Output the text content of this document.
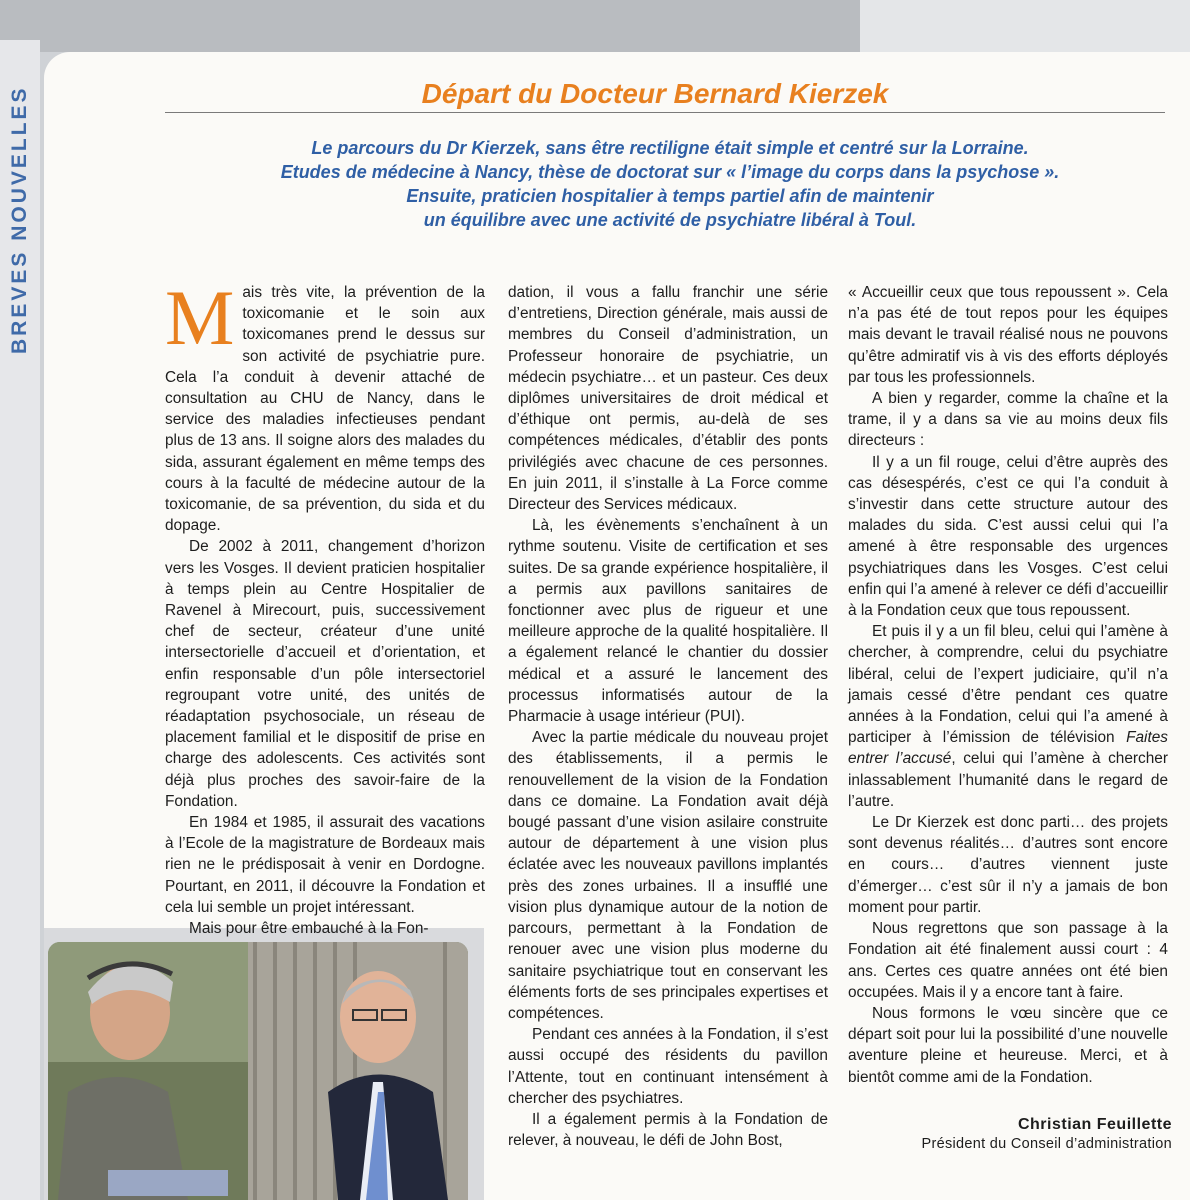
BREVES NOUVELLES	Départ du Docteur Bernard Kierzek
Le parcours du Dr Kierzek, sans être rectiligne était simple et centré sur la Lorraine.
Etudes de médecine à Nancy, thèse de doctorat sur « l’image du corps dans la psychose ».
Ensuite, praticien hospitalier à temps partiel afin de maintenir
un équilibre avec une activité de psychiatre libéral à Toul.

Mais très vite, la prévention de la toxicomanie et le soin aux toxicomanes prend le dessus sur son activité de psychiatrie pure. Cela l’a conduit à devenir attaché de consultation au CHU de Nancy, dans le service des maladies infectieuses pendant plus de 13 ans. Il soigne alors des malades du sida, assurant également en même temps des cours à la faculté de médecine autour de la toxicomanie, de sa prévention, du sida et du dopage.

De 2002 à 2011, changement d’horizon vers les Vosges. Il devient praticien hospitalier à temps plein au Centre Hospitalier de Ravenel à Mirecourt, puis, successivement chef de secteur, créateur d’une unité intersectorielle d’accueil et d’orientation, et enfin responsable d’un pôle intersectoriel regroupant votre unité, des unités de réadaptation psychosociale, un réseau de placement familial et le dispositif de prise en charge des adolescents. Ces activités sont déjà plus proches des savoir-faire de la Fondation.

En 1984 et 1985, il assurait des vacations à l’Ecole de la magistrature de Bordeaux mais rien ne le prédisposait à venir en Dordogne. Pourtant, en 2011, il découvre la Fondation et cela lui semble un projet intéressant.

Mais pour être embauché à la Fon-

dation, il vous a fallu franchir une série d’entretiens, Direction générale, mais aussi de membres du Conseil d’administration, un Professeur honoraire de psychiatrie, un médecin psychiatre… et un pasteur. Ces deux diplômes universitaires de droit médical et d’éthique ont permis, au-delà de ses compétences médicales, d’établir des ponts privilégiés avec chacune de ces personnes. En juin 2011, il s’installe à La Force comme Directeur des Services médicaux.

Là, les évènements s’enchaînent à un rythme soutenu. Visite de certification et ses suites. De sa grande expérience hospitalière, il a permis aux pavillons sanitaires de fonctionner avec plus de rigueur et une meilleure approche de la qualité hospitalière. Il a également relancé le chantier du dossier médical et a assuré le lancement des processus informatisés autour de la Pharmacie à usage intérieur (PUI).

Avec la partie médicale du nouveau projet des établissements, il a permis le renouvellement de la vision de la Fondation dans ce domaine. La Fondation avait déjà bougé passant d’une vision asilaire construite autour de département à une vision plus éclatée avec les nouveaux pavillons implantés près des zones urbaines. Il a insufflé une vision plus dynamique autour de la notion de parcours, permettant à la Fondation de renouer avec une vision plus moderne du sanitaire psychiatrique tout en conservant les éléments forts de ses principales expertises et compétences.

Pendant ces années à la Fondation, il s’est aussi occupé des résidents du pavillon l’Attente, tout en continuant intensément à chercher des psychiatres.

Il a également permis à la Fondation de relever, à nouveau, le défi de John Bost,

« Accueillir ceux que tous repoussent ». Cela n’a pas été de tout repos pour les équipes mais devant le travail réalisé nous ne pouvons qu’être admiratif vis à vis des efforts déployés par tous les professionnels.

A bien y regarder, comme la chaîne et la trame, il y a dans sa vie au moins deux fils directeurs :

Il y a un fil rouge, celui d’être auprès des cas désespérés, c’est ce qui l’a conduit à s’investir dans cette structure autour des malades du sida. C’est aussi celui qui l’a amené à être responsable des urgences psychiatriques dans les Vosges. C’est celui enfin qui l’a amené à relever ce défi d’accueillir à la Fondation ceux que tous repoussent.

Et puis il y a un fil bleu, celui qui l’amène à chercher, à comprendre, celui du psychiatre libéral, celui de l’expert judiciaire, qu’il n’a jamais cessé d’être pendant ces quatre années à la Fondation, celui qui l’a amené à participer à l’émission de télévision Faites entrer l’accusé, celui qui l’amène à chercher inlassablement l’humanité dans le regard de l’autre.

Le Dr Kierzek est donc parti… des projets sont devenus réalités… d’autres sont encore en cours… d’autres viennent juste d’émerger… c’est sûr il n’y a jamais de bon moment pour partir.

Nous regrettons que son passage à la Fondation ait été finalement aussi court : 4 ans. Certes ces quatre années ont été bien occupées. Mais il y a encore tant à faire.

Nous formons le vœu sincère que ce départ soit pour lui la possibilité d’une nouvelle aventure pleine et heureuse. Merci, et à bientôt comme ami de la Fondation.

Christian Feuillette
Président du Conseil d’administration
